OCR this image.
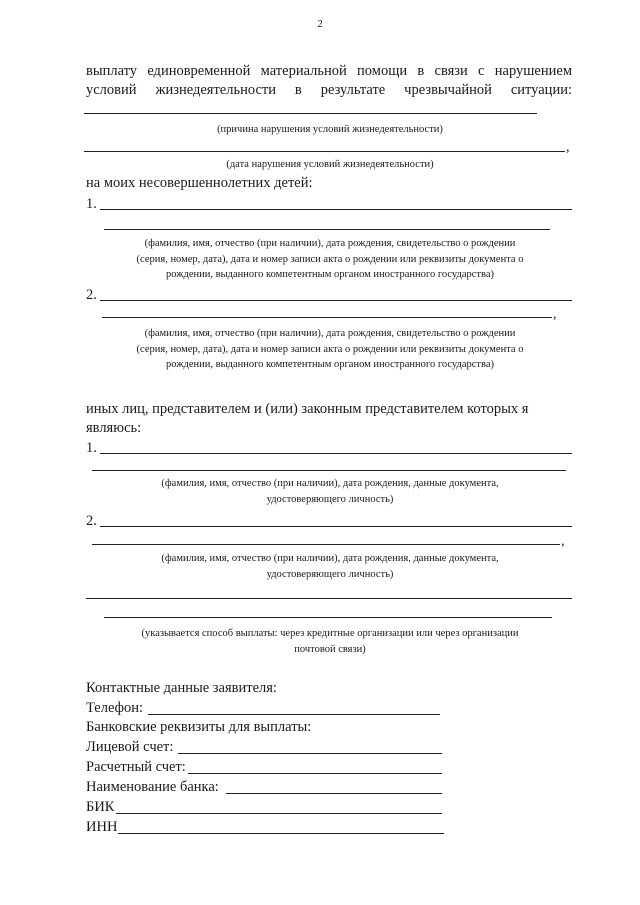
2
выплату единовременной материальной помощи в связи с нарушением
условий жизнедеятельности в результате чрезвычайной ситуации:
(причина нарушения условий жизнедеятельности)
,
(дата нарушения условий жизнедеятельности)
на моих несовершеннолетних детей:
1.
(фамилия, имя, отчество (при наличии), дата рождения, свидетельство о рождении
(серия, номер, дата), дата и номер записи акта о рождении или реквизиты документа о
рождении, выданного компетентным органом иностранного государства)
2.
,
(фамилия, имя, отчество (при наличии), дата рождения, свидетельство о рождении
(серия, номер, дата), дата и номер записи акта о рождении или реквизиты документа о
рождении, выданного компетентным органом иностранного государства)
иных лиц, представителем и (или) законным представителем которых я
являюсь:
1.
(фамилия, имя, отчество (при наличии), дата рождения, данные документа,
удостоверяющего личность)
2.
,
(фамилия, имя, отчество (при наличии), дата рождения, данные документа,
удостоверяющего личность)
(указывается способ выплаты: через кредитные организации или через организации
почтовой связи)
Контактные данные заявителя:
Телефон:
Банковские реквизиты для выплаты:
Лицевой счет:
Расчетный счет:
Наименование банка:
БИК
ИНН
